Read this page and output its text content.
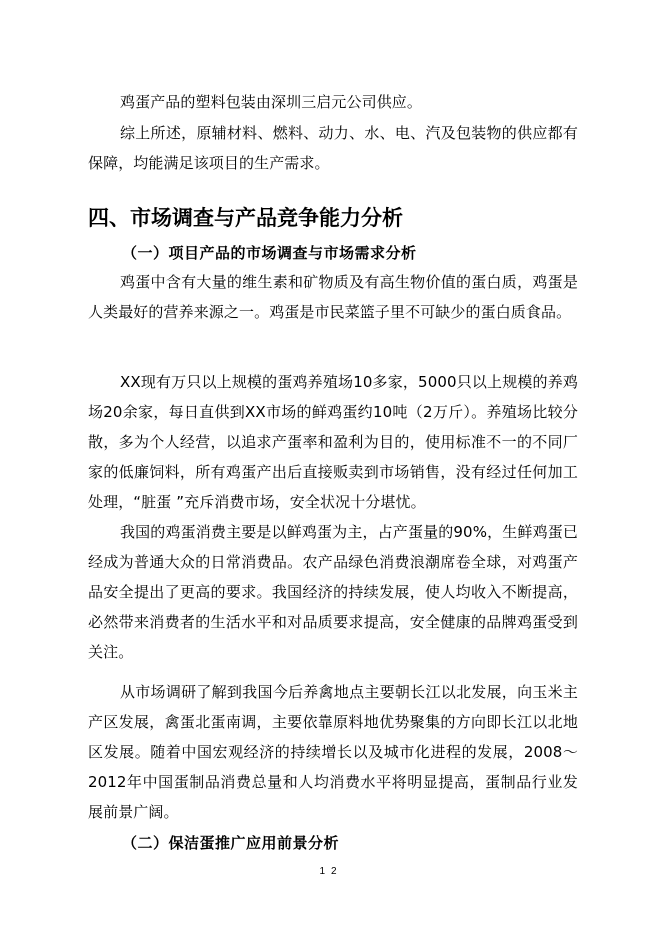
鸡蛋产品的塑料包装由深圳三启元公司供应。

综上所述，原辅材料、燃料、动力、水、电、汽及包装物的供应都有保障，均能满足该项目的生产需求。

四、市场调查与产品竞争能力分析
（一）项目产品的市场调查与市场需求分析

鸡蛋中含有大量的维生素和矿物质及有高生物价值的蛋白质，鸡蛋是人类最好的营养来源之一。鸡蛋是市民菜篮子里不可缺少的蛋白质食品。

XX现有万只以上规模的蛋鸡养殖场10多家，5000只以上规模的养鸡场20余家，每日直供到XX市场的鲜鸡蛋约10吨（2万斤）。养殖场比较分散，多为个人经营，以追求产蛋率和盈利为目的，使用标准不一的不同厂家的低廉饲料，所有鸡蛋产出后直接贩卖到市场销售，没有经过任何加工处理，“脏蛋 ”充斥消费市场，安全状况十分堪忧。

我国的鸡蛋消费主要是以鲜鸡蛋为主，占产蛋量的90%，生鲜鸡蛋已经成为普通大众的日常消费品。农产品绿色消费浪潮席卷全球，对鸡蛋产品安全提出了更高的要求。我国经济的持续发展，使人均收入不断提高，必然带来消费者的生活水平和对品质要求提高，安全健康的品牌鸡蛋受到关注。

从市场调研了解到我国今后养禽地点主要朝长江以北发展，向玉米主产区发展，禽蛋北蛋南调，主要依靠原料地优势聚集的方向即长江以北地区发展。随着中国宏观经济的持续增长以及城市化进程的发展，2008～2012年中国蛋制品消费总量和人均消费水平将明显提高，蛋制品行业发展前景广阔。

（二）保洁蛋推广应用前景分析
12
